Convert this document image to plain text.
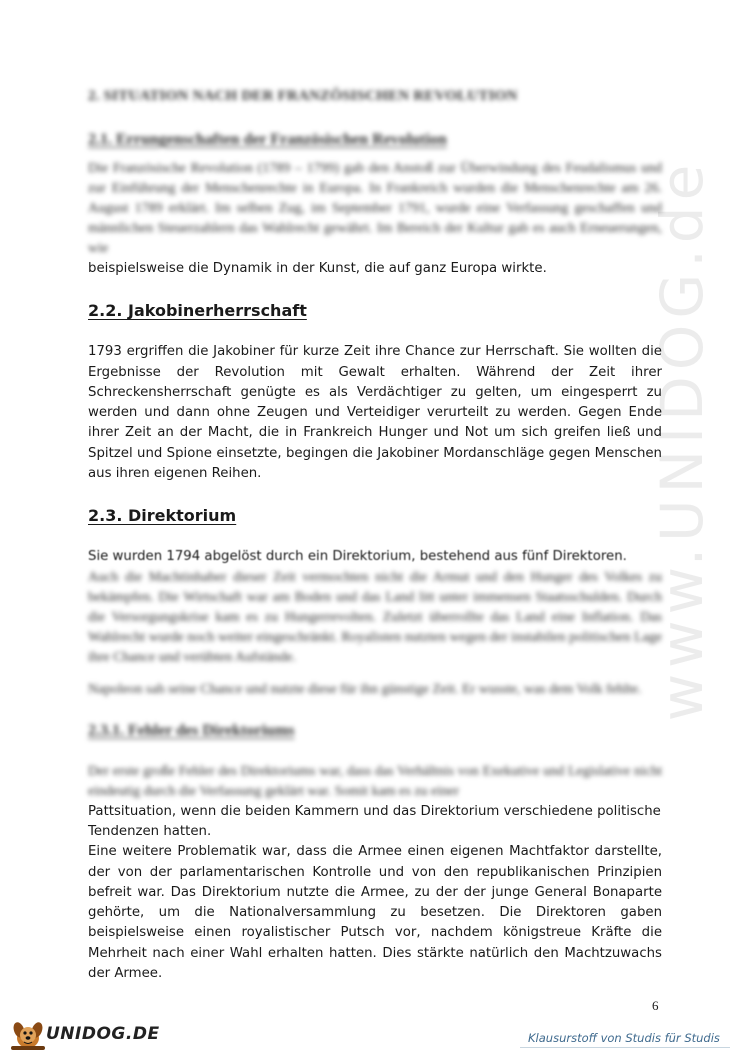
www.UNIDOG.de
2. SITUATION NACH DER FRANZÖSISCHEN REVOLUTION
2.1. Errungenschaften der Französischen Revolution

Die Französische Revolution (1789 – 1799) gab den Anstoß zur Überwindung des Feudalismus und zur Einführung der Menschenrechte in Europa. In Frankreich wurden die Menschenrechte am 26. August 1789 erklärt. Im selben Zug, im September 1791, wurde eine Verfassung geschaffen und männlichen Steuerzahlern das Wahlrecht gewährt. Im Bereich der Kultur gab es auch Erneuerungen, wie

beispielsweise die Dynamik in der Kunst, die auf ganz Europa wirkte.

2.2. Jakobinerherrschaft

1793 ergriffen die Jakobiner für kurze Zeit ihre Chance zur Herrschaft. Sie wollten die Ergebnisse der Revolution mit Gewalt erhalten. Während der Zeit ihrer Schreckensherrschaft genügte es als Verdächtiger zu gelten, um eingesperrt zu werden und dann ohne Zeugen und Verteidiger verurteilt zu werden. Gegen Ende ihrer Zeit an der Macht, die in Frankreich Hunger und Not um sich greifen ließ und Spitzel und Spione einsetzte, begingen die Jakobiner Mordanschläge gegen Menschen aus ihren eigenen Reihen.

2.3. Direktorium

Sie wurden 1794 abgelöst durch ein Direktorium, bestehend aus fünf Direktoren.

Auch die Machtinhaber dieser Zeit vermochten nicht die Armut und den Hunger des Volkes zu bekämpfen. Die Wirtschaft war am Boden und das Land litt unter immensen Staatsschulden. Durch die Versorgungskrise kam es zu Hungerrevolten. Zuletzt überrollte das Land eine Inflation. Das Wahlrecht wurde noch weiter eingeschränkt. Royalisten nutzten wegen der instabilen politischen Lage ihre Chance und verübten Aufstände.

Napoleon sah seine Chance und nutzte diese für ihn günstige Zeit. Er wusste, was dem Volk fehlte.

2.3.1. Fehler des Direktoriums

Der erste große Fehler des Direktoriums war, dass das Verhältnis von Exekutive und Legislative nicht eindeutig durch die Verfassung geklärt war. Somit kam es zu einer

Pattsituation, wenn die beiden Kammern und das Direktorium verschiedene politische Tendenzen hatten.

Eine weitere Problematik war, dass die Armee einen eigenen Machtfaktor darstellte, der von der parlamentarischen Kontrolle und von den republikanischen Prinzipien befreit war. Das Direktorium nutzte die Armee, zu der der junge General Bonaparte gehörte, um die Nationalversammlung zu besetzen. Die Direktoren gaben beispielsweise einen royalistischer Putsch vor, nachdem königstreue Kräfte die Mehrheit nach einer Wahl erhalten hatten. Dies stärkte natürlich den Machtzuwachs der Armee.

6
UNIDOG.DE	Klausurstoff von Studis für Studis
